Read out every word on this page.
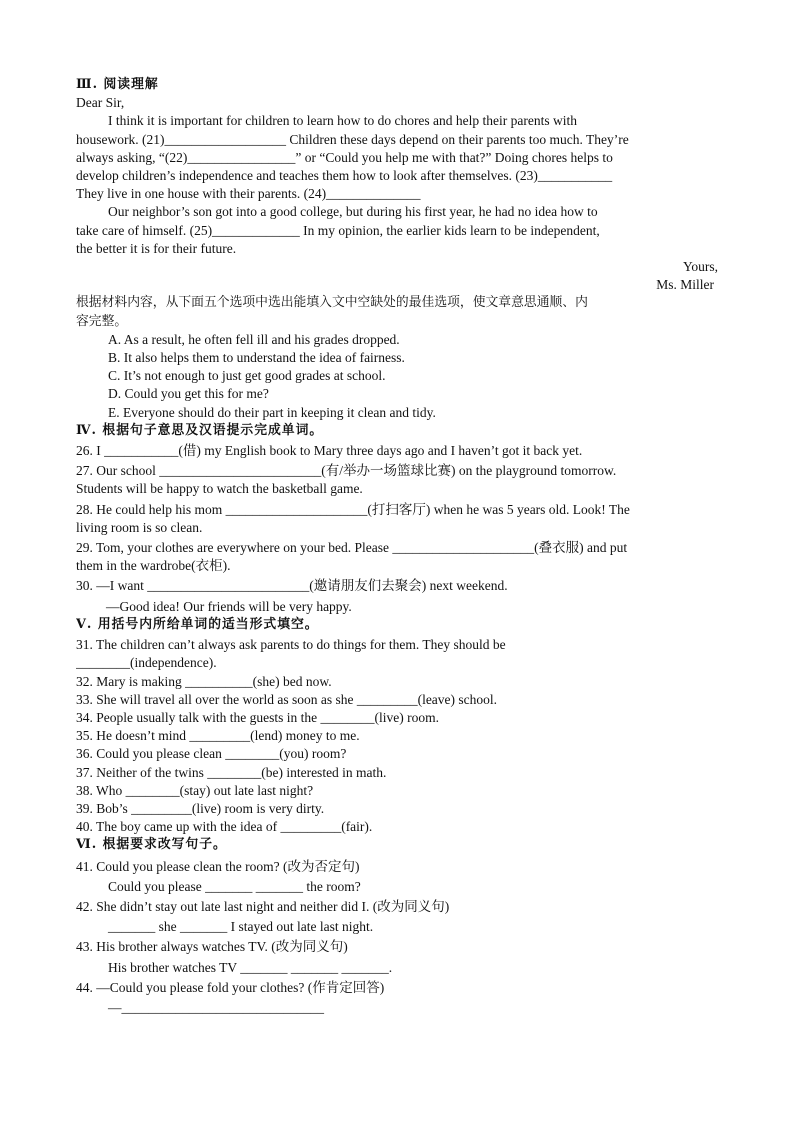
Ⅲ. 阅读理解
Dear Sir,
I think it is important for children to learn how to do chores and help their parents with
housework. (21)__________________ Children these days depend on their parents too much. They’re
always asking, “(22)________________” or “Could you help me with that?” Doing chores helps to
develop children’s independence and teaches them how to look after themselves. (23)___________
They live in one house with their parents. (24)______________
Our neighbor’s son got into a good college, but during his first year, he had no idea how to
take care of himself. (25)_____________ In my opinion, the earlier kids learn to be independent,
the better it is for their future.
Yours,
Ms. Miller
根据材料内容，从下面五个选项中选出能填入文中空缺处的最佳选项，使文章意思通顺、内
容完整。
A. As a result, he often fell ill and his grades dropped.
B. It also helps them to understand the idea of fairness.
C. It’s not enough to just get good grades at school.
D. Could you get this for me?
E. Everyone should do their part in keeping it clean and tidy.
Ⅳ. 根据句子意思及汉语提示完成单词。
26. I ___________(借) my English book to Mary three days ago and I haven’t got it back yet.
27. Our school ________________________(有/举办一场篮球比赛) on the playground tomorrow.
Students will be happy to watch the basketball game.
28. He could help his mom _____________________(打扫客厅) when he was 5 years old. Look! The
living room is so clean.
29. Tom, your clothes are everywhere on your bed. Please _____________________(叠衣服) and put
them in the wardrobe(衣柜).
30. —I want ________________________(邀请朋友们去聚会) next weekend.
—Good idea! Our friends will be very happy.
Ⅴ. 用括号内所给单词的适当形式填空。
31. The children can’t always ask parents to do things for them. They should be
________(independence).
32. Mary is making __________(she) bed now.
33. She will travel all over the world as soon as she _________(leave) school.
34. People usually talk with the guests in the ________(live) room.
35. He doesn’t mind _________(lend) money to me.
36. Could you please clean ________(you) room?
37. Neither of the twins ________(be) interested in math.
38. Who ________(stay) out late last night?
39. Bob’s _________(live) room is very dirty.
40. The boy came up with the idea of _________(fair).
Ⅵ. 根据要求改写句子。
41. Could you please clean the room? (改为否定句)
Could you please _______ _______ the room?
42. She didn’t stay out late last night and neither did I. (改为同义句)
_______ she _______ I stayed out late last night.
43. His brother always watches TV. (改为同义句)
His brother watches TV _______ _______ _______.
44. —Could you please fold your clothes? (作肯定回答)
—______________________________
